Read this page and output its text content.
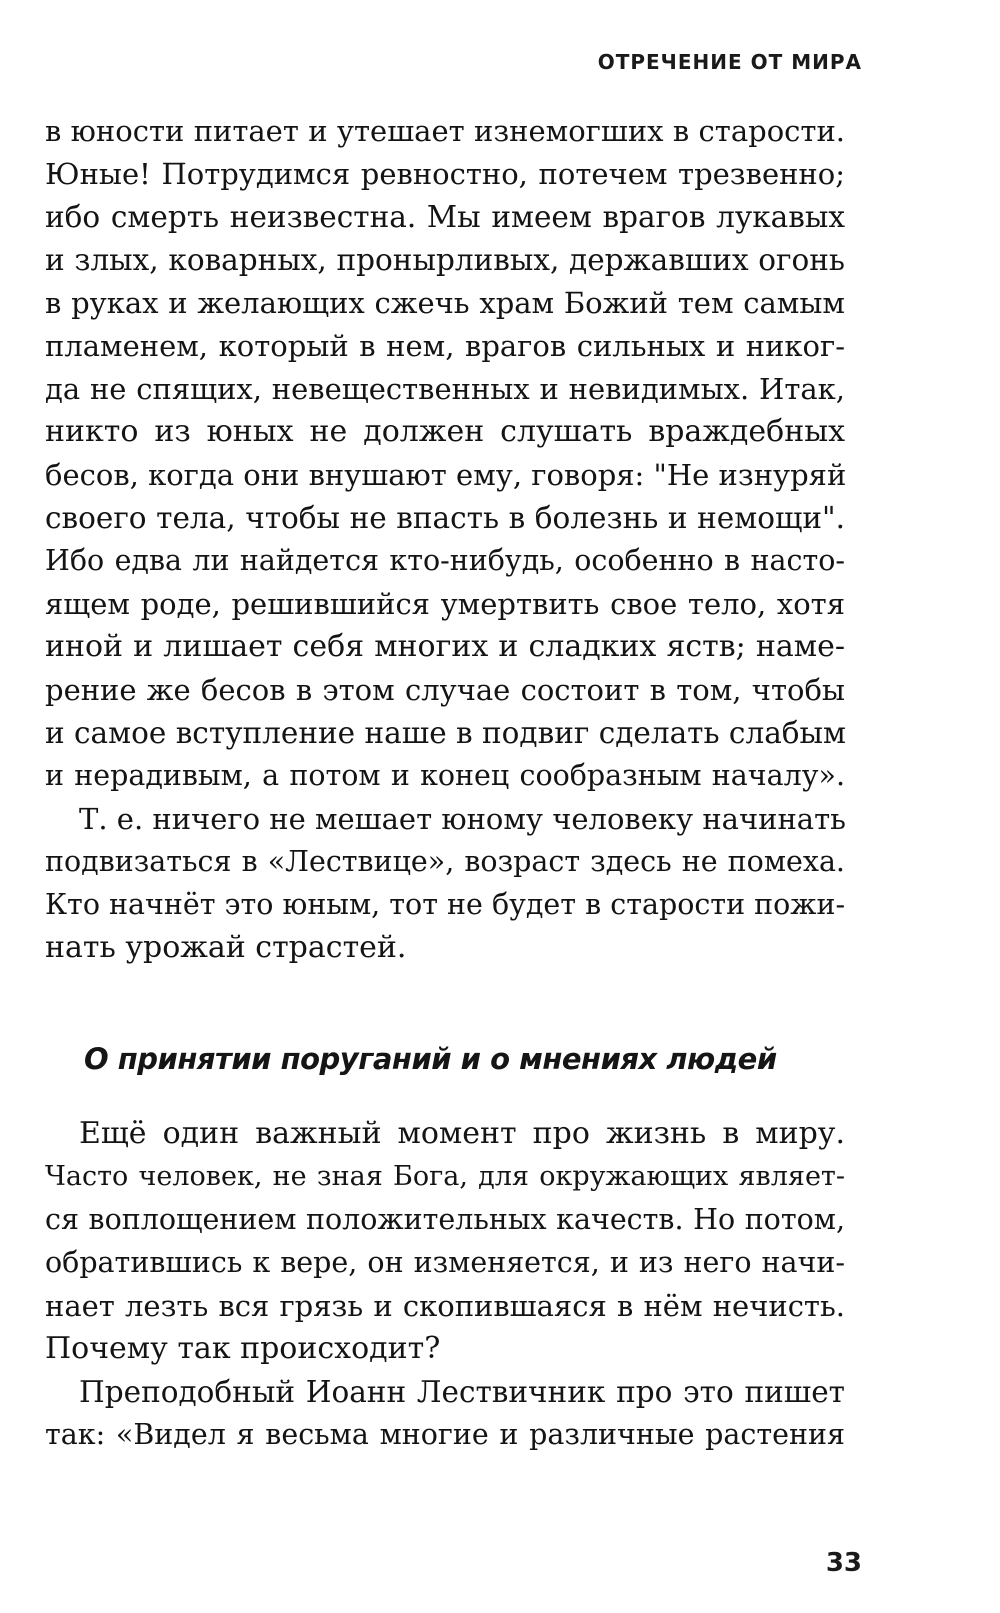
ОТРЕЧЕНИЕ ОТ МИРА
в юности питает и утешает изнемогших в старости.
Юные! Потрудимся ревностно, потечем трезвенно;
ибо смерть неизвестна. Мы имеем врагов лукавых
и злых, коварных, пронырливых, державших огонь
в руках и желающих сжечь храм Божий тем самым
пламенем, который в нем, врагов сильных и никог-
да не спящих, невещественных и невидимых. Итак,
никто из юных не должен слушать враждебных
бесов, когда они внушают ему, говоря: "Не изнуряй
своего тела, чтобы не впасть в болезнь и немощи".
Ибо едва ли найдется кто-нибудь, особенно в насто-
ящем роде, решившийся умертвить свое тело, хотя
иной и лишает себя многих и сладких яств; наме-
рение же бесов в этом случае состоит в том, чтобы
и самое вступление наше в подвиг сделать слабым
и нерадивым, а потом и конец сообразным началу».
Т. е. ничего не мешает юному человеку начинать
подвизаться в «Лествице», возраст здесь не помеха.
Кто начнёт это юным, тот не будет в старости пожи-
нать урожай страстей.
О принятии поруганий и о мнениях людей
Ещё один важный момент про жизнь в миру.
Часто человек, не зная Бога, для окружающих являет-
ся воплощением положительных качеств. Но потом,
обратившись к вере, он изменяется, и из него начи-
нает лезть вся грязь и скопившаяся в нём нечисть.
Почему так происходит?
Преподобный Иоанн Лествичник про это пишет
так: «Видел я весьма многие и различные растения
33
